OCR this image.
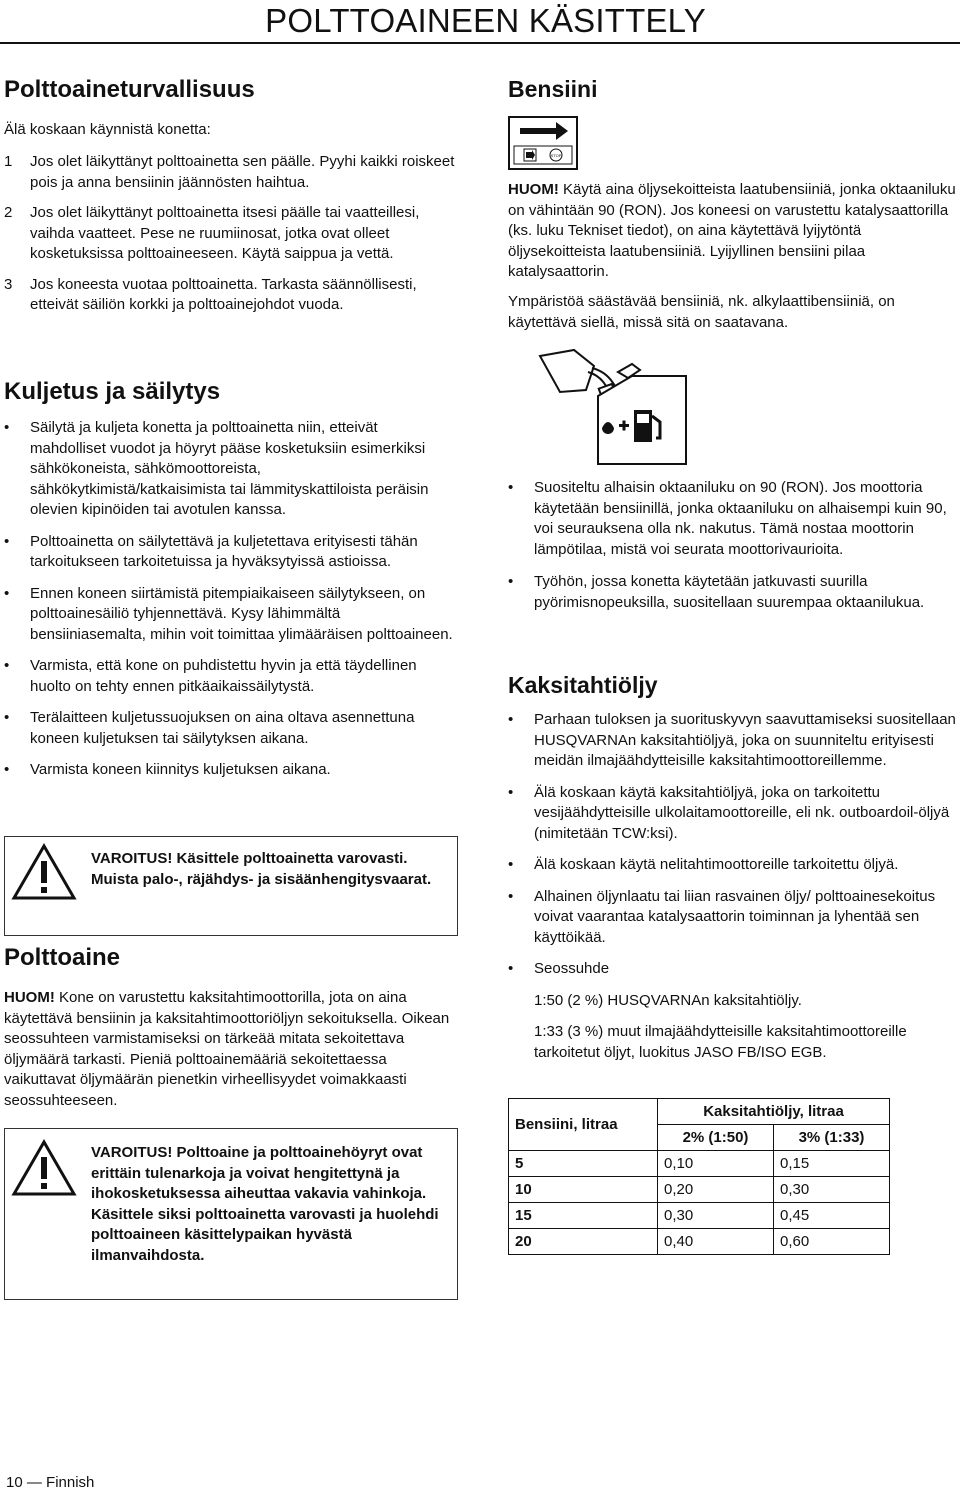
POLTTOAINEEN KÄSITTELY
Polttoaineturvallisuus

Älä koskaan käynnistä konetta:

1 Jos olet läikyttänyt polttoainetta sen päälle. Pyyhi kaikki roiskeet pois ja anna bensiinin jäännösten haihtua.
2 Jos olet läikyttänyt polttoainetta itsesi päälle tai vaatteillesi, vaihda vaatteet. Pese ne ruumiinosat, jotka ovat olleet kosketuksissa polttoaineeseen. Käytä saippua ja vettä.
3 Jos koneesta vuotaa polttoainetta. Tarkasta säännöllisesti, etteivät säiliön korkki ja polttoainejohdot vuoda.
Kuljetus ja säilytys
• Säilytä ja kuljeta konetta ja polttoainetta niin, etteivät mahdolliset vuodot ja höyryt pääse kosketuksiin esimerkiksi sähkökoneista, sähkömoottoreista, sähkökytkimistä/katkaisimista tai lämmityskattiloista peräisin olevien kipinöiden tai avotulen kanssa.
• Polttoainetta on säilytettävä ja kuljetettava erityisesti tähän tarkoitukseen tarkoitetuissa ja hyväksytyissä astioissa.
• Ennen koneen siirtämistä pitempiaikaiseen säilytykseen, on polttoainesäiliö tyhjennettävä. Kysy lähimmältä bensiiniasemalta, mihin voit toimittaa ylimääräisen polttoaineen.
• Varmista, että kone on puhdistettu hyvin ja että täydellinen huolto on tehty ennen pitkäaikaissäilytystä.
• Terälaitteen kuljetussuojuksen on aina oltava asennettuna koneen kuljetuksen tai säilytyksen aikana.
• Varmista koneen kiinnitys kuljetuksen aikana.
VAROITUS! Käsittele polttoainetta varovasti. Muista palo-, räjähdys- ja sisäänhengitysvaarat.
Polttoaine

HUOM! Kone on varustettu kaksitahtimoottorilla, jota on aina käytettävä bensiinin ja kaksitahtimoottoriöljyn sekoituksella. Oikean seossuhteen varmistamiseksi on tärkeää mitata sekoitettava öljymäärä tarkasti. Pieniä polttoainemääriä sekoitettaessa vaikuttavat öljymäärän pienetkin virheellisyydet voimakkaasti seossuhteeseen.

VAROITUS! Polttoaine ja polttoainehöyryt ovat erittäin tulenarkoja ja voivat hengitettynä ja ihokosketuksessa aiheuttaa vakavia vahinkoja. Käsittele siksi polttoainetta varovasti ja huolehdi polttoaineen käsittelypaikan hyvästä ilmanvaihdosta.
Bensiini
STOP

HUOM! Käytä aina öljysekoitteista laatubensiiniä, jonka oktaaniluku on vähintään 90 (RON). Jos koneesi on varustettu katalysaattorilla (ks. luku Tekniset tiedot), on aina käytettävä lyijytöntä öljysekoitteista laatubensiiniä. Lyijyllinen bensiini pilaa katalysaattorin.

Ympäristöä säästävää bensiiniä, nk. alkylaattibensiiniä, on käytettävä siellä, missä sitä on saatavana.

• Suositeltu alhaisin oktaaniluku on 90 (RON). Jos moottoria käytetään bensiinillä, jonka oktaaniluku on alhaisempi kuin 90, voi seurauksena olla nk. nakutus. Tämä nostaa moottorin lämpötilaa, mistä voi seurata moottorivaurioita.
• Työhön, jossa konetta käytetään jatkuvasti suurilla pyörimisnopeuksilla, suositellaan suurempaa oktaanilukua.
Kaksitahtiöljy
• Parhaan tuloksen ja suorituskyvyn saavuttamiseksi suositellaan HUSQVARNAn kaksitahtiöljyä, joka on suunniteltu erityisesti meidän ilmajäähdytteisille kaksitahtimoottoreillemme.
• Älä koskaan käytä kaksitahtiöljyä, joka on tarkoitettu vesijäähdytteisille ulkolaitamoottoreille, eli nk. outboardoil-öljyä (nimitetään TCW:ksi).
• Älä koskaan käytä nelitahtimoottoreille tarkoitettu öljyä.
• Alhainen öljynlaatu tai liian rasvainen öljy/ polttoainesekoitus voivat vaarantaa katalysaattorin toiminnan ja lyhentää sen käyttöikää.
• Seossuhde

1:50 (2 %) HUSQVARNAn kaksitahtiöljy.

1:33 (3 %) muut ilmajäähdytteisille kaksitahtimoottoreille tarkoitetut öljyt, luokitus JASO FB/ISO EGB.

Bensiini, litraa	Kaksitahtiöljy, litraa	
	2% (1:50)	3% (1:33)
5	0,10	0,15
10	0,20	0,30
15	0,30	0,45
20	0,40	0,60
10 — Finnish
